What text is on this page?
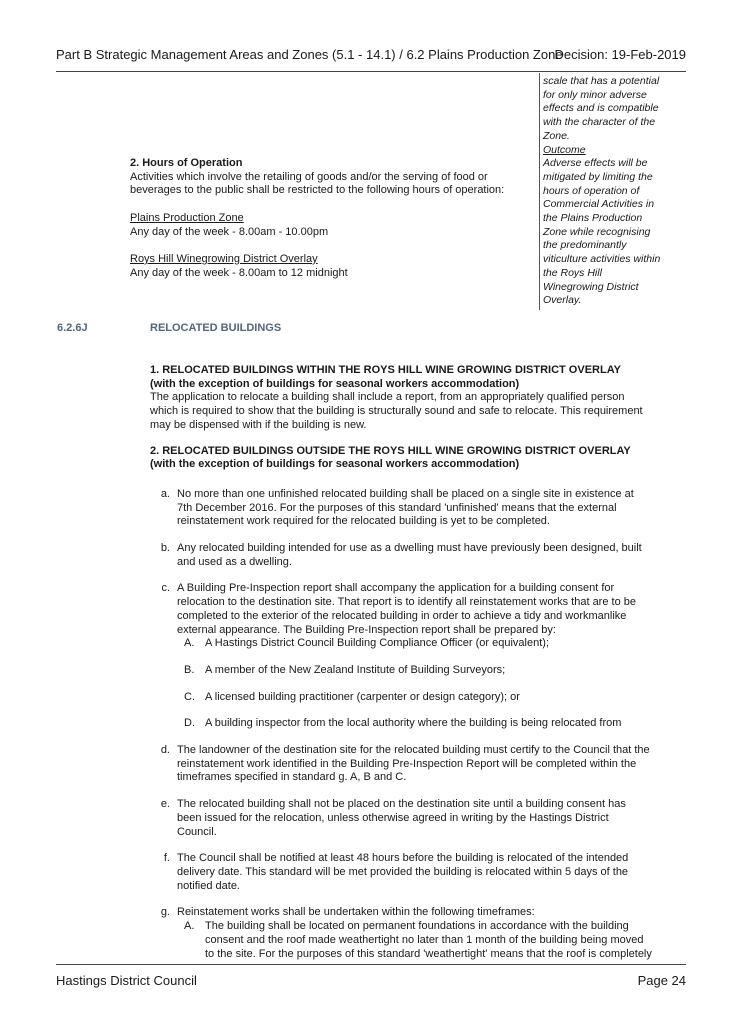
Part B Strategic Management Areas and Zones (5.1 - 14.1) / 6.2 Plains Production Zone
Decision: 19-Feb-2019

scale that has a potential

for only minor adverse

effects and is compatible

with the character of the

Zone.

Outcome

Adverse effects will be

mitigated by limiting the

hours of operation of

Commercial Activities in

the Plains Production

Zone while recognising

the predominantly

viticulture activities within

the Roys Hill

Winegrowing District

Overlay.

2. Hours of Operation

Activities which involve the retailing of goods and/or the serving of food or

beverages to the public shall be restricted to the following hours of operation:

Plains Production Zone

Any day of the week - 8.00am - 10.00pm

Roys Hill Winegrowing District Overlay

Any day of the week - 8.00am to 12 midnight

6.2.6J	RELOCATED BUILDINGS

1. RELOCATED BUILDINGS WITHIN THE ROYS HILL WINE GROWING DISTRICT OVERLAY

(with the exception of buildings for seasonal workers accommodation)

The application to relocate a building shall include a report, from an appropriately qualified person

which is required to show that the building is structurally sound and safe to relocate. This requirement

may be dispensed with if the building is new.

2. RELOCATED BUILDINGS OUTSIDE THE ROYS HILL WINE GROWING DISTRICT OVERLAY

(with the exception of buildings for seasonal workers accommodation)

a. No more than one unfinished relocated building shall be placed on a single site in existence at

7th December 2016. For the purposes of this standard 'unfinished' means that the external

reinstatement work required for the relocated building is yet to be completed.

b. Any relocated building intended for use as a dwelling must have previously been designed, built

and used as a dwelling.

c. A Building Pre-Inspection report shall accompany the application for a building consent for

relocation to the destination site. That report is to identify all reinstatement works that are to be

completed to the exterior of the relocated building in order to achieve a tidy and workmanlike

external appearance. The Building Pre-Inspection report shall be prepared by:

A. A Hastings District Council Building Compliance Officer (or equivalent);

B. A member of the New Zealand Institute of Building Surveyors;

C. A licensed building practitioner (carpenter or design category); or

D. A building inspector from the local authority where the building is being relocated from

d. The landowner of the destination site for the relocated building must certify to the Council that the

reinstatement work identified in the Building Pre-Inspection Report will be completed within the

timeframes specified in standard g. A, B and C.

e. The relocated building shall not be placed on the destination site until a building consent has

been issued for the relocation, unless otherwise agreed in writing by the Hastings District

Council.

f. The Council shall be notified at least 48 hours before the building is relocated of the intended

delivery date. This standard will be met provided the building is relocated within 5 days of the

notified date.

g. Reinstatement works shall be undertaken within the following timeframes:

A. The building shall be located on permanent foundations in accordance with the building

consent and the roof made weathertight no later than 1 month of the building being moved

to the site. For the purposes of this standard 'weathertight' means that the roof is completely

Hastings District Council	Page 24
